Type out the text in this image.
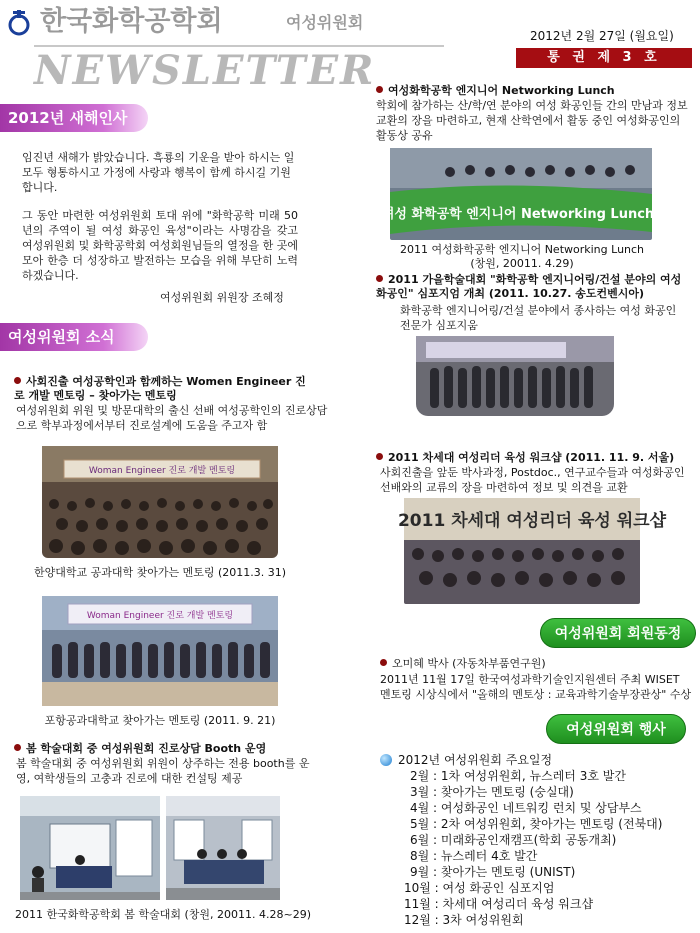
한국화학공학회	여성위원회
NEWSLETTER
2012년 2월 27일 (월요일)
통 권 제 3 호
2012년 새해인사
임진년 새해가 밝았습니다. 흑룡의 기운을 받아 하시는 일 모두 형통하시고 가정에 사랑과 행복이 함께 하시길 기원합니다.
그 동안 마련한 여성위원회 토대 위에 "화학공학 미래 50년의 주역이 될 여성 화공인 육성"이라는 사명감을 갖고 여성위원회 및 화학공학회 여성회원님들의 열정을 한 곳에 모아 한층 더 성장하고 발전하는 모습을 위해 부단히 노력하겠습니다.
여성위원회 위원장 조혜정
여성위원회 소식
사회진출 여성공학인과 함께하는 Women Engineer 진로 개발 멘토링 – 찾아가는 멘토링
여성위원회 위원 및 방문대학의 출신 선배 여성공학인의 진로상담으로 학부과정에서부터 진로설계에 도움을 주고자 함
Woman Engineer 진로 개발 멘토링
한양대학교 공과대학 찾아가는 멘토링 (2011.3. 31)
Woman Engineer 진로 개발 멘토링
포항공과대학교 찾아가는 멘토링 (2011. 9. 21)
봄 학술대회 중 여성위원회 진로상담 Booth 운영
봄 학술대회 중 여성위원회 위원이 상주하는 전용 booth를 운영, 여학생들의 고충과 진로에 대한 컨설팅 제공
2011 한국화학공학회 봄 학술대회 (창원, 20011. 4.28~29)
여성화학공학 엔지니어 Networking Lunch
학회에 참가하는 산/학/연 분야의 여성 화공인들 간의 만남과 정보 교환의 장을 마련하고, 현재 산학연에서 활동 중인 여성화공인의 활동상 공유
여성 화학공학 엔지니어 Networking Lunch
2011 여성화학공학 엔지니어 Networking Lunch
(창원, 20011. 4.29)
2011 가을학술대회 "화학공학 엔지니어링/건설 분야의 여성화공인" 심포지엄 개최 (2011. 10.27. 송도컨벤시아)
화학공학 엔지니어링/건설 분야에서 종사하는 여성 화공인 전문가 심포지움
2011 차세대 여성리더 육성 워크샵 (2011. 11. 9. 서울)
사회진출을 앞둔 박사과정, Postdoc., 연구교수들과 여성화공인 선배와의 교류의 장을 마련하여 정보 및 의견을 교환
2011 차세대 여성리더 육성 워크샵
여성위원회 회원동정
오미혜 박사 (자동차부품연구원)
2011년 11월 17일 한국여성과학기술인지원센터 주최 WISET 멘토링 시상식에서 "올해의 멘토상 : 교육과학기술부장관상" 수상
여성위원회 행사
2012년 여성위원회 주요일정
2월 : 1차 여성위원회, 뉴스레터 3호 발간
3월 : 찾아가는 멘토링 (숭실대)
4월 : 여성화공인 네트워킹 런치 및 상담부스
5월 : 2차 여성위원회, 찾아가는 멘토링 (전북대)
6월 : 미래화공인재캠프(학회 공동개최)
8월 : 뉴스레터 4호 발간
9월 : 찾아가는 멘토링 (UNIST)
10월 : 여성 화공인 심포지엄
11월 : 차세대 여성리더 육성 워크샵
12월 : 3차 여성위원회
